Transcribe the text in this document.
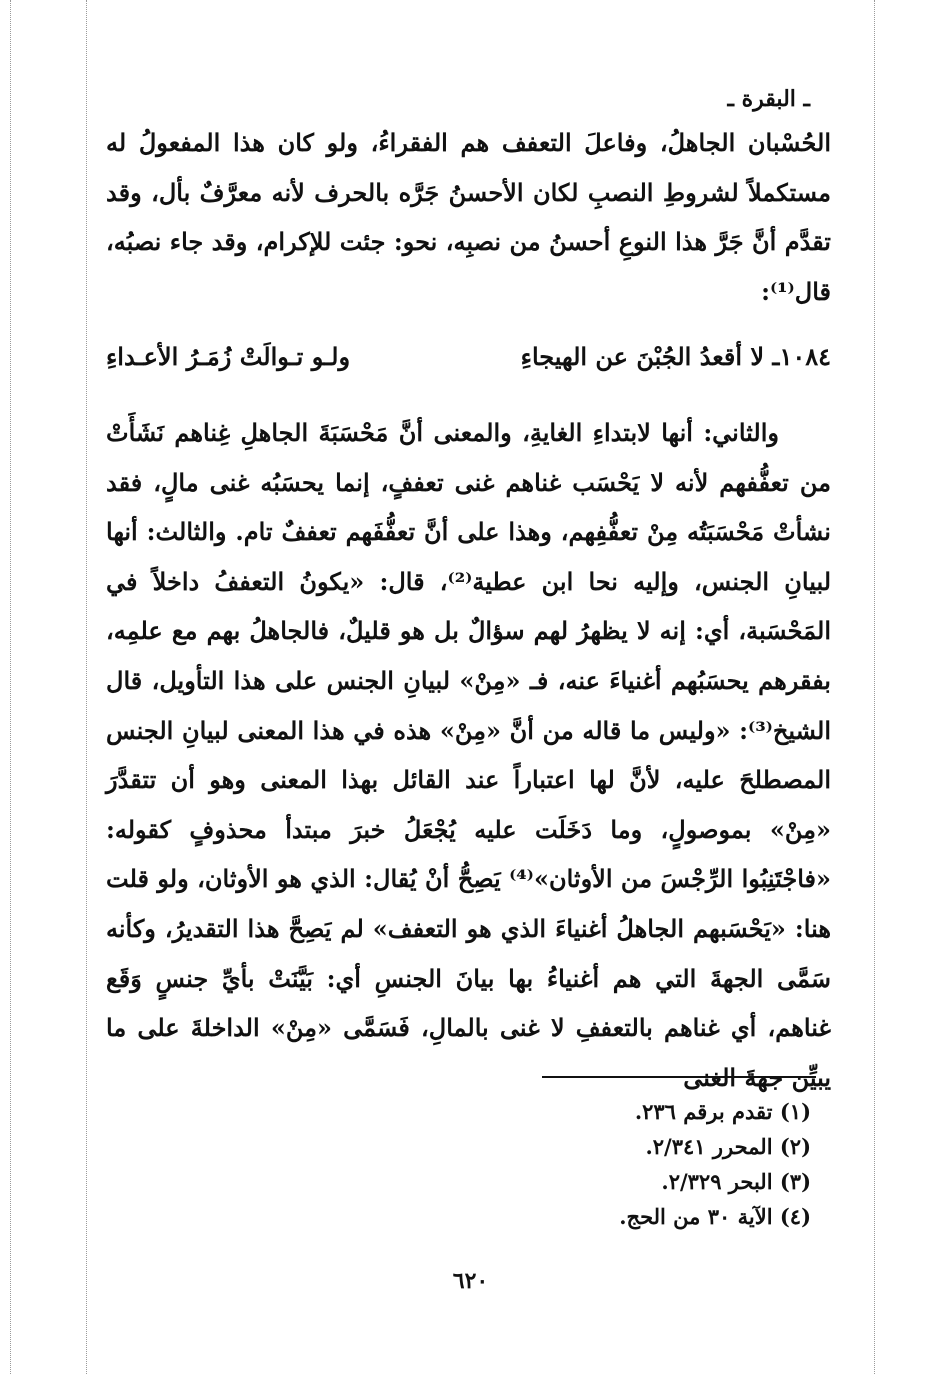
ـ البقرة ـ

الحُسْبان الجاهلُ، وفاعلَ التعفف هم الفقراءُ، ولو كان هذا المفعولُ له مستكملاً لشروطِ النصبِ لكان الأحسنُ جَرَّه بالحرف لأنه معرَّفٌ بأل، وقد تقدَّم أنَّ جَرَّ هذا النوعِ أحسنُ من نصبِه، نحو: جئت للإكرام، وقد جاء نصبُه، قال⁽¹⁾:

١٠٨٤ـ لا أقعدُ الجُبْنَ عن الهيجاءِ
ولـو تـوالَتْ زُمَـرُ الأعـداءِ

والثاني: أنها لابتداءِ الغايةِ، والمعنى أنَّ مَحْسَبَةَ الجاهلِ غِناهم نَشَأَتْ من تعفُّفهم لأنه لا يَحْسَب غناهم غنى تعففٍ، إنما يحسَبُه غنى مالٍ، فقد نشأتْ مَحْسَبَتُه مِنْ تعفُّفِهم، وهذا على أنَّ تعفُّفَهم تعففٌ تام. والثالث: أنها لبيانِ الجنس، وإليه نحا ابن عطية⁽²⁾، قال: «يكونُ التعففُ داخلاً في المَحْسَبة، أي: إنه لا يظهرُ لهم سؤالٌ بل هو قليلٌ، فالجاهلُ بهم مع علمِه، بفقرهم يحسَبُهم أغنياءَ عنه، فـ «مِنْ» لبيانِ الجنس على هذا التأويل، قال الشيخ⁽³⁾: «وليس ما قاله من أنَّ «مِنْ» هذه في هذا المعنى لبيانِ الجنس المصطلحَ عليه، لأنَّ لها اعتباراً عند القائل بهذا المعنى وهو أن تتقدَّرَ «مِنْ» بموصولٍ، وما دَخَلَت عليه يُجْعَلُ خبرَ مبتدأ محذوفٍ كقوله: «فاجْتَنِبُوا الرِّجْسَ من الأوثان»⁽⁴⁾ يَصِحُّ أنْ يُقال: الذي هو الأوثان، ولو قلت هنا: «يَحْسَبهم الجاهلُ أغنياءَ الذي هو التعفف» لم يَصِحَّ هذا التقديرُ، وكأنه سَمَّى الجهةَ التي هم أغنياءُ بها بيانَ الجنسِ أي: بَيَّنَتْ بأيِّ جنسٍ وَقَع غناهم، أي غناهم بالتعففِ لا غنى بالمالِ، فَسَمَّى «مِنْ» الداخلةَ على ما يبيِّن جهةَ الغنى

(١) تقدم برقم ٢٣٦.
(٢) المحرر ٢/٣٤١.
(٣) البحر ٢/٣٢٩.
(٤) الآية ٣٠ من الحج.
٦٢٠
